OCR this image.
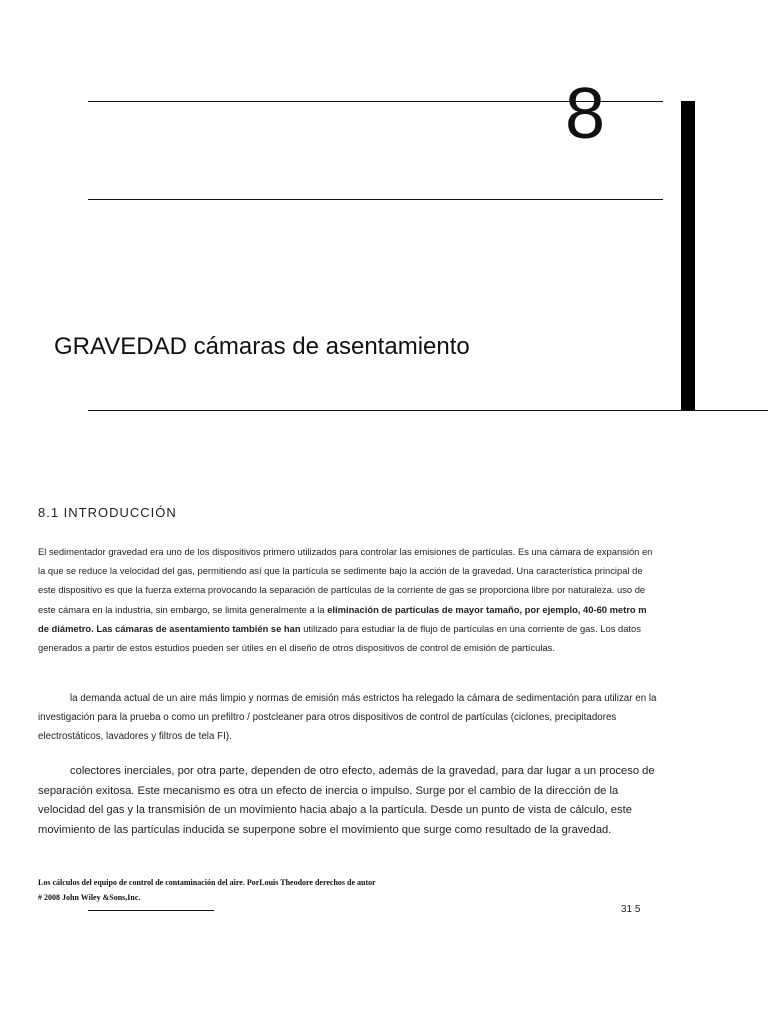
8
GRAVEDAD cámaras de asentamiento
8.1 INTRODUCCIÓN

El sedimentador gravedad era uno de los dispositivos primero utilizados para controlar las emisiones de partículas. Es una cámara de expansión en la que se reduce la velocidad del gas, permitiendo así que la partícula se sedimente bajo la acción de la gravedad. Una característica principal de este dispositivo es que la fuerza externa provocando la separación de partículas de la corriente de gas se proporciona libre por naturaleza. uso de este cámara en la industria, sin embargo, se limita generalmente a la eliminación de partículas de mayor tamaño, por ejemplo, 40-60 metro m de diámetro. Las cámaras de asentamiento también se han utilizado para estudiar la de flujo de partículas en una corriente de gas. Los datos generados a partir de estos estudios pueden ser útiles en el diseño de otros dispositivos de control de emisión de partículas.

la demanda actual de un aire más limpio y normas de emisión más estrictos ha relegado la cámara de sedimentación para utilizar en la investigación para la prueba o como un prefiltro / postcleaner para otros dispositivos de control de partículas (ciclones, precipitadores electrostáticos, lavadores y filtros de tela FI).

colectores inerciales, por otra parte, dependen de otro efecto, además de la gravedad, para dar lugar a un proceso de separación exitosa. Este mecanismo es otra un efecto de inercia o impulso. Surge por el cambio de la dirección de la velocidad del gas y la transmisión de un movimiento hacia abajo a la partícula. Desde un punto de vista de cálculo, este movimiento de las partículas inducida se superpone sobre el movimiento que surge como resultado de la gravedad.

Los cálculos del equipo de control de contaminación del aire. PorLouis Theodore derechos de autor
# 2008 John Wiley &Sons,Inc.
31 5
